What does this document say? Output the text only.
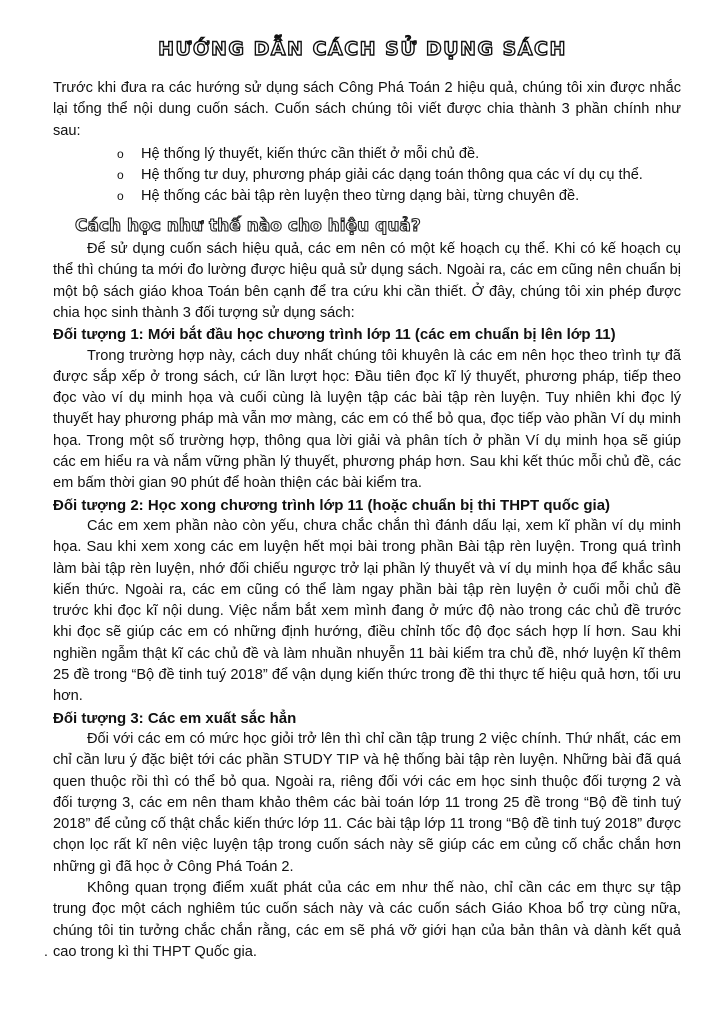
HƯỚNG DẪN CÁCH SỬ DỤNG SÁCH

Trước khi đưa ra các hướng sử dụng sách Công Phá Toán 2 hiệu quả, chúng tôi xin được nhắc lại tổng thể nội dung cuốn sách. Cuốn sách chúng tôi viết được chia thành 3 phần chính như sau:

o Hệ thống lý thuyết, kiến thức cần thiết ở mỗi chủ đề.
o Hệ thống tư duy, phương pháp giải các dạng toán thông qua các ví dụ cụ thể.
o Hệ thống các bài tập rèn luyện theo từng dạng bài, từng chuyên đề.
Cách học như thế nào cho hiệu quả?

Để sử dụng cuốn sách hiệu quả, các em nên có một kế hoạch cụ thể. Khi có kế hoạch cụ thể thì chúng ta mới đo lường được hiệu quả sử dụng sách. Ngoài ra, các em cũng nên chuẩn bị một bộ sách giáo khoa Toán bên cạnh để tra cứu khi cần thiết. Ở đây, chúng tôi xin phép được chia học sinh thành 3 đối tượng sử dụng sách:

Đối tượng 1: Mới bắt đầu học chương trình lớp 11 (các em chuẩn bị lên lớp 11)

Trong trường hợp này, cách duy nhất chúng tôi khuyên là các em nên học theo trình tự đã được sắp xếp ở trong sách, cứ lần lượt học: Đầu tiên đọc kĩ lý thuyết, phương pháp, tiếp theo đọc vào ví dụ minh họa và cuối cùng là luyện tập các bài tập rèn luyện. Tuy nhiên khi đọc lý thuyết hay phương pháp mà vẫn mơ màng, các em có thể bỏ qua, đọc tiếp vào phần Ví dụ minh họa. Trong một số trường hợp, thông qua lời giải và phân tích ở phần Ví dụ minh họa sẽ giúp các em hiểu ra và nắm vững phần lý thuyết, phương pháp hơn. Sau khi kết thúc mỗi chủ đề, các em bấm thời gian 90 phút để hoàn thiện các bài kiểm tra.

Đối tượng 2: Học xong chương trình lớp 11 (hoặc chuẩn bị thi THPT quốc gia)

Các em xem phần nào còn yếu, chưa chắc chắn thì đánh dấu lại, xem kĩ phần ví dụ minh họa. Sau khi xem xong các em luyện hết mọi bài trong phần Bài tập rèn luyện. Trong quá trình làm bài tập rèn luyện, nhớ đối chiếu ngược trở lại phần lý thuyết và ví dụ minh họa để khắc sâu kiến thức. Ngoài ra, các em cũng có thể làm ngay phần bài tập rèn luyện ở cuối mỗi chủ đề trước khi đọc kĩ nội dung. Việc nắm bắt xem mình đang ở mức độ nào trong các chủ đề trước khi đọc sẽ giúp các em có những định hướng, điều chỉnh tốc độ đọc sách hợp lí hơn. Sau khi nghiền ngẫm thật kĩ các chủ đề và làm nhuần nhuyễn 11 bài kiểm tra chủ đề, nhớ luyện kĩ thêm 25 đề trong “Bộ đề tinh tuý 2018” để vận dụng kiến thức trong đề thi thực tế hiệu quả hơn, tối ưu hơn.

Đối tượng 3: Các em xuất sắc hẳn

Đối với các em có mức học giỏi trở lên thì chỉ cần tập trung 2 việc chính. Thứ nhất, các em chỉ cần lưu ý đặc biệt tới các phần STUDY TIP và hệ thống bài tập rèn luyện. Những bài đã quá quen thuộc rồi thì có thể bỏ qua. Ngoài ra, riêng đối với các em học sinh thuộc đối tượng 2 và đối tượng 3, các em nên tham khảo thêm các bài toán lớp 11 trong 25 đề trong “Bộ đề tinh tuý 2018” để củng cố thật chắc kiến thức lớp 11. Các bài tập lớp 11 trong “Bộ đề tinh tuý 2018” được chọn lọc rất kĩ nên việc luyện tập trong cuốn sách này sẽ giúp các em củng cố chắc chắn hơn những gì đã học ở Công Phá Toán 2.

Không quan trọng điểm xuất phát của các em như thế nào, chỉ cần các em thực sự tập trung đọc một cách nghiêm túc cuốn sách này và các cuốn sách Giáo Khoa bổ trợ cùng nữa, chúng tôi tin tưởng chắc chắn rằng, các em sẽ phá vỡ giới hạn của bản thân và dành kết quả cao trong kì thi THPT Quốc gia.

.
